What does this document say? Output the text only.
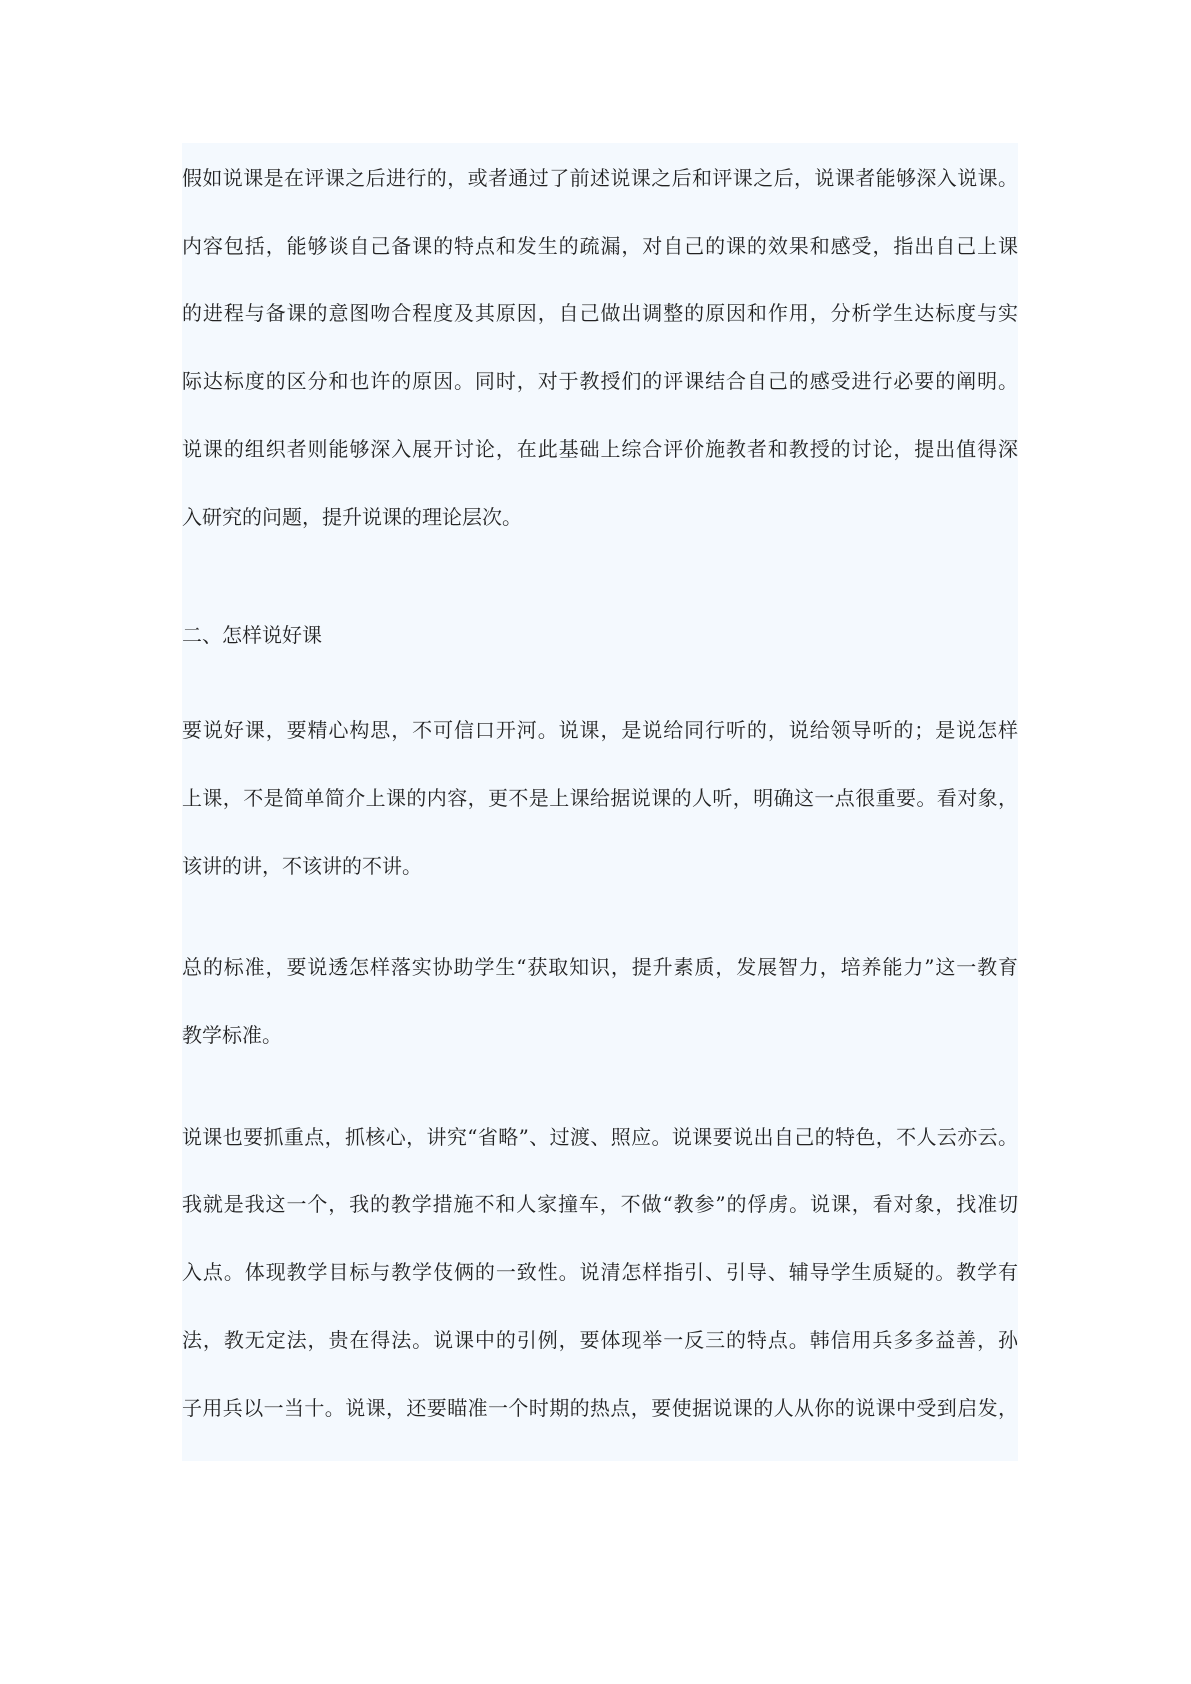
假如说课是在评课之后进行的，或者通过了前述说课之后和评课之后，说课者能够深入说课。
内容包括，能够谈自己备课的特点和发生的疏漏，对自己的课的效果和感受，指出自己上课
的进程与备课的意图吻合程度及其原因，自己做出调整的原因和作用，分析学生达标度与实
际达标度的区分和也许的原因。同时，对于教授们的评课结合自己的感受进行必要的阐明。
说课的组织者则能够深入展开讨论，在此基础上综合评价施教者和教授的讨论，提出值得深
入研究的问题，提升说课的理论层次。
二、怎样说好课
要说好课，要精心构思，不可信口开河。说课，是说给同行听的，说给领导听的；是说怎样
上课，不是简单简介上课的内容，更不是上课给据说课的人听，明确这一点很重要。看对象，
该讲的讲，不该讲的不讲。
总的标准，要说透怎样落实协助学生“获取知识，提升素质，发展智力，培养能力”这一教育
教学标准。
说课也要抓重点，抓核心，讲究“省略”、过渡、照应。说课要说出自己的特色，不人云亦云。
我就是我这一个，我的教学措施不和人家撞车，不做“教参”的俘虏。说课，看对象，找准切
入点。体现教学目标与教学伎俩的一致性。说清怎样指引、引导、辅导学生质疑的。教学有
法，教无定法，贵在得法。说课中的引例，要体现举一反三的特点。韩信用兵多多益善，孙
子用兵以一当十。说课，还要瞄准一个时期的热点，要使据说课的人从你的说课中受到启发，
